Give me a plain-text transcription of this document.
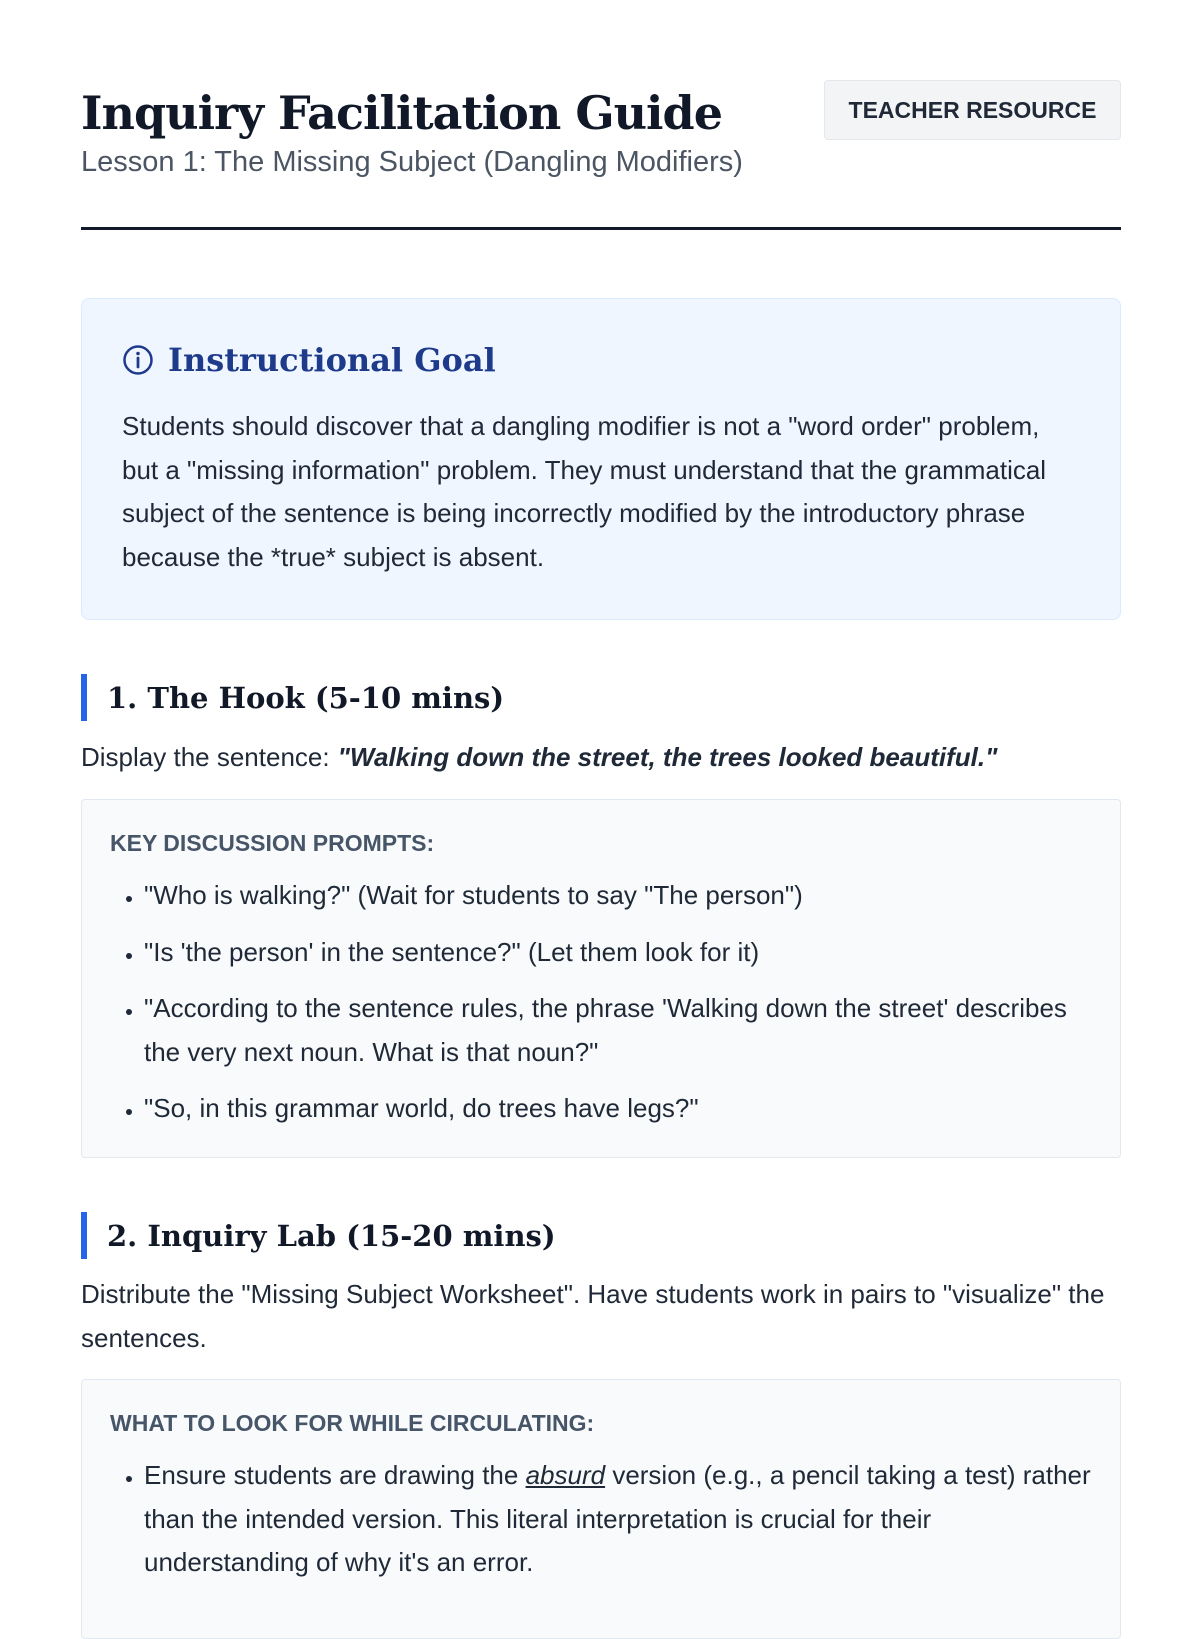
Inquiry Facilitation Guide
Lesson 1: The Missing Subject (Dangling Modifiers)
TEACHER RESOURCE
Instructional Goal

Students should discover that a dangling modifier is not a "word order" problem, but a "missing information" problem. They must understand that the grammatical subject of the sentence is being incorrectly modified by the introductory phrase because the *true* subject is absent.

1. The Hook (5-10 mins)

Display the sentence: "Walking down the street, the trees looked beautiful."

KEY DISCUSSION PROMPTS:
• "Who is walking?" (Wait for students to say "The person")
• "Is 'the person' in the sentence?" (Let them look for it)
• "According to the sentence rules, the phrase 'Walking down the street' describes the very next noun. What is that noun?"
• "So, in this grammar world, do trees have legs?"
2. Inquiry Lab (15-20 mins)

Distribute the "Missing Subject Worksheet". Have students work in pairs to "visualize" the sentences.

WHAT TO LOOK FOR WHILE CIRCULATING:
• Ensure students are drawing the absurd version (e.g., a pencil taking a test) rather than the intended version. This literal interpretation is crucial for their understanding of why it's an error.
